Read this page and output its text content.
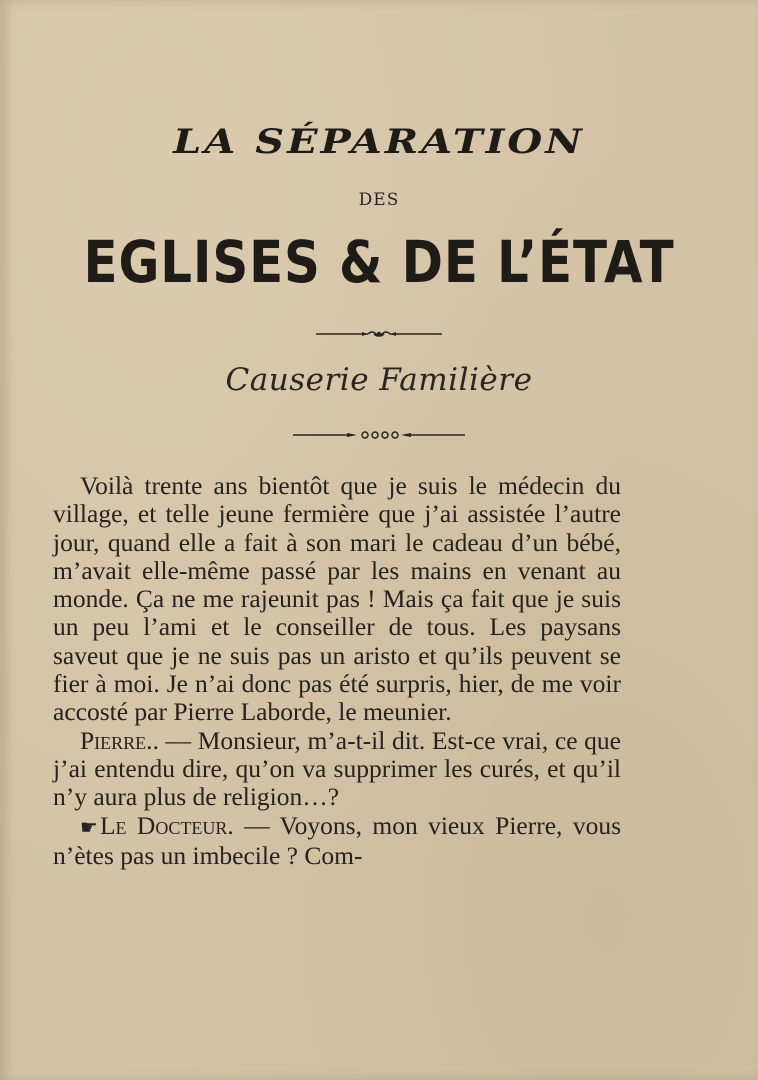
LA SÉPARATION
DES
EGLISES & DE L’ÉTAT
Causerie Familière

Voilà trente ans bientôt que je suis le médecin du village, et telle jeune fermière que j’ai assistée l’autre jour, quand elle a fait à son mari le cadeau d’un bébé, m’avait elle-même passé par les mains en venant au monde. Ça ne me rajeunit pas ! Mais ça fait que je suis un peu l’ami et le conseiller de tous. Les paysans saveut que je ne suis pas un aristo et qu’ils peuvent se fier à moi. Je n’ai donc pas été surpris, hier, de me voir accosté par Pierre Laborde, le meunier.

Pierre.. — Monsieur, m’a-t-il dit. Est-ce vrai, ce que j’ai entendu dire, qu’on va supprimer les curés, et qu’il n’y aura plus de religion…?

☛Le Docteur. — Voyons, mon vieux Pierre, vous n’ètes pas un imbecile ? Com-
